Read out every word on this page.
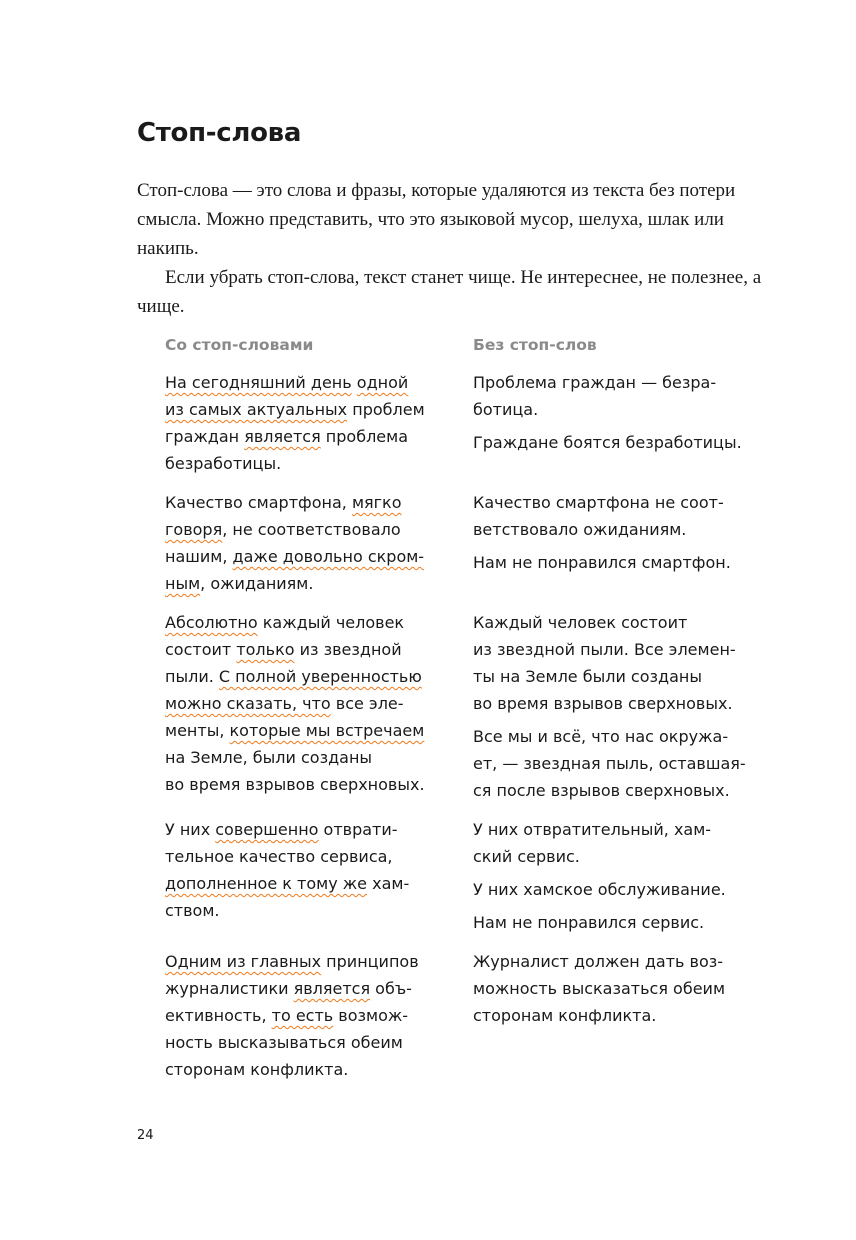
Стоп-слова

Стоп-слова — это слова и фразы, которые удаляются из текста без потери смысла. Можно представить, что это языковой мусор, шелуха, шлак или накипь.

Если убрать стоп-слова, текст станет чище. Не интереснее, не полезнее, а чище.

Со стоп-словами	Без стоп-слов
На сегодняшний день одной
из самых актуальных проблем
граждан является проблема
безработицы.
Проблема граждан — безра-
ботица.
Граждане боятся безработицы.
Качество смартфона, мягко
говоря, не соответствовало
нашим, даже довольно скром-
ным, ожиданиям.
Качество смартфона не соот-
ветствовало ожиданиям.
Нам не понравился смартфон.
Абсолютно каждый человек
состоит только из звездной
пыли. С полной уверенностью
можно сказать, что все эле-
менты, которые мы встречаем
на Земле, были созданы
во время взрывов сверхновых.
Каждый человек состоит
из звездной пыли. Все элемен-
ты на Земле были созданы
во время взрывов сверхновых.
Все мы и всё, что нас окружа-
ет, — звездная пыль, оставшая-
ся после взрывов сверхновых.
У них совершенно отврати-
тельное качество сервиса,
дополненное к тому же хам-
ством.
У них отвратительный, хам-
ский сервис.
У них хамское обслуживание.
Нам не понравился сервис.
Одним из главных принципов
журналистики является объ-
ективность, то есть возмож-
ность высказываться обеим
сторонам конфликта.
Журналист должен дать воз-
можность высказаться обеим
сторонам конфликта.
24
